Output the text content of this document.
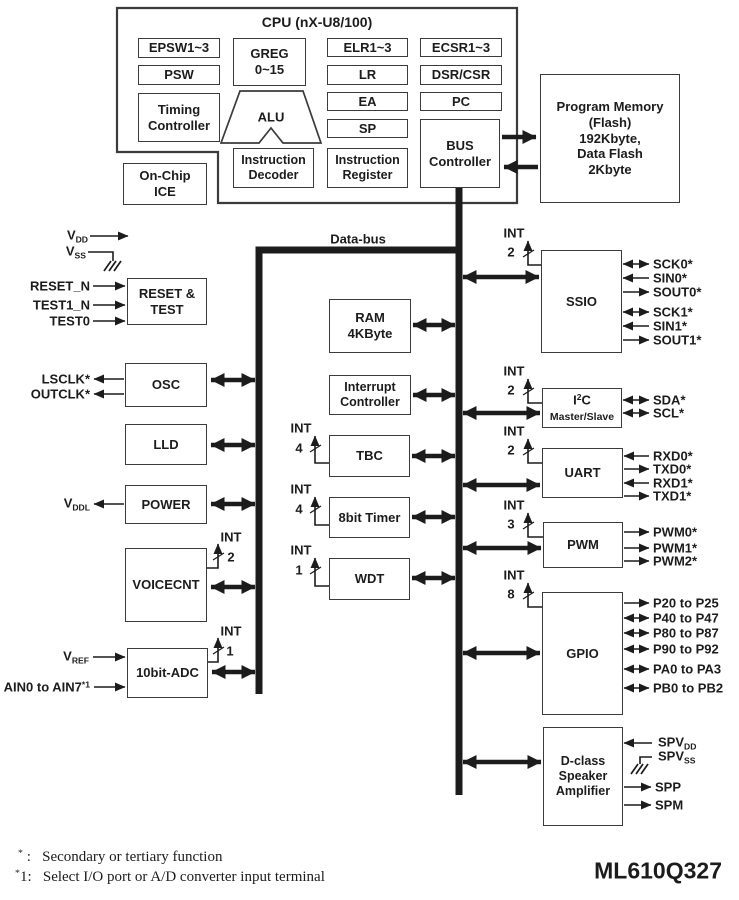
EPSW1~3
PSW
Timing
Controller
GREG
0~15
Instruction
Decoder
ELR1~3
LR
EA
SP
Instruction
Register
ECSR1~3
DSR/CSR
PC
BUS
Controller
On-Chip
ICE
Program Memory
(Flash)
192Kbyte,
Data Flash
2Kbyte
RESET &
TEST
OSC
LLD
POWER
VOICECNT
10bit-ADC
RAM
4KByte
Interrupt
Controller
TBC
8bit Timer
WDT
SSIO
$I^2C$
Master/Slave
UART
PWM
GPIO
D-class
Speaker
Amplifier
CPU (nX-U8/100)
ALU
Data-bus
$V_{DD}$
$V_{SS}$
RESET_N
TEST1_N
TEST0
LSCLK*
OUTCLK*
$V_{DDL}$
$V_{REF}$
AIN0 to AIN7$^{*1}$
SCK0*
SIN0*
SOUT0*
SCK1*
SIN1*
SOUT1*
SDA*
SCL*
RXD0*
TXD0*
RXD1*
TXD1*
PWM0*
PWM1*
PWM2*
P20 to P25
P40 to P47
P80 to P87
P90 to P92
PA0 to PA3
PB0 to PB2
$SPV_{DD}$
$SPV_{SS}$
SPP
SPM
INT
2
INT
2
INT
2
INT
3
INT
8
INT
2
INT
1
INT
4
INT
4
INT
1
* :   Secondary or tertiary function
*1:   Select I/O port or A/D converter input terminal	ML610Q327
